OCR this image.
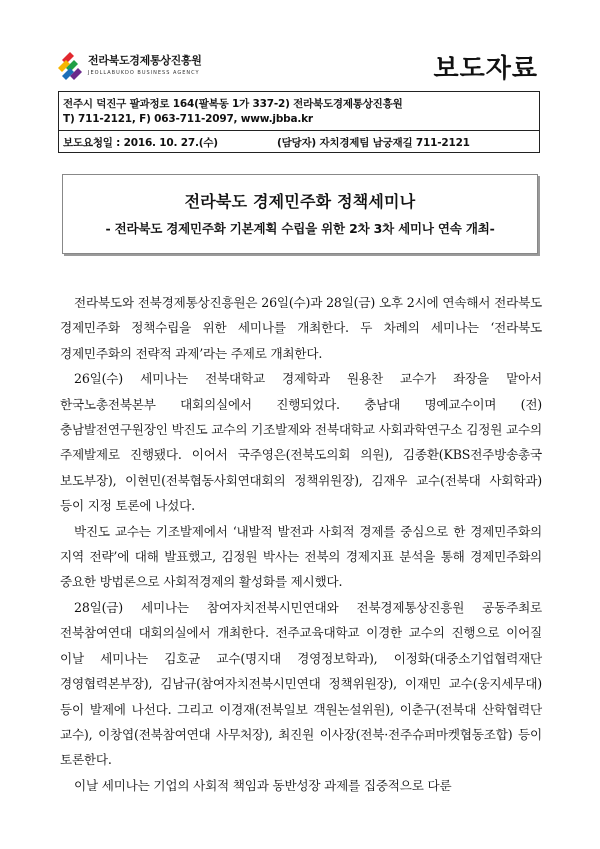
전라북도경제통상진흥원
JEOLLABUKDO BUSINESS AGENCY	보도자료
전주시 덕진구 팔과정로 164(팔복동 1가 337-2) 전라북도경제통상진흥원
T) 711-2121, F) 063-711-2097, www.jbba.kr
보도요청일 : 2016. 10. 27.(수)	(담당자) 자치경제팀 남궁재길 711-2121
전라북도 경제민주화 정책세미나
- 전라북도 경제민주화 기본계획 수립을 위한 2차 3차 세미나 연속 개최-

전라북도와 전북경제통상진흥원은 26일(수)과 28일(금) 오후 2시에 연속해서 전라북도 경제민주화 정책수립을 위한 세미나를 개최한다. 두 차례의 세미나는 ‘전라북도 경제민주화의 전략적 과제’라는 주제로 개최한다.

26일(수) 세미나는 전북대학교 경제학과 원용찬 교수가 좌장을 맡아서 한국노총전북본부 대회의실에서 진행되었다. 충남대 명예교수이며 (전)충남발전연구원장인 박진도 교수의 기조발제와 전북대학교 사회과학연구소 김정원 교수의 주제발제로 진행됐다. 이어서 국주영은(전북도의회 의원), 김종환(KBS전주방송총국 보도부장), 이현민(전북협동사회연대회의 정책위원장), 김재우 교수(전북대 사회학과) 등이 지정 토론에 나섰다.

박진도 교수는 기조발제에서 ‘내발적 발전과 사회적 경제를 중심으로 한 경제민주화의 지역 전략’에 대해 발표했고, 김정원 박사는 전북의 경제지표 분석을 통해 경제민주화의 중요한 방법론으로 사회적경제의 활성화를 제시했다.

28일(금) 세미나는 참여자치전북시민연대와 전북경제통상진흥원 공동주최로 전북참여연대 대회의실에서 개최한다. 전주교육대학교 이경한 교수의 진행으로 이어질 이날 세미나는 김호균 교수(명지대 경영정보학과), 이정화(대중소기업협력재단 경영협력본부장), 김남규(참여자치전북시민연대 정책위원장), 이재민 교수(웅지세무대) 등이 발제에 나선다. 그리고 이경재(전북일보 객원논설위원), 이춘구(전북대 산학협력단 교수), 이창엽(전북참여연대 사무처장), 최진원 이사장(전북·전주슈퍼마켓협동조합) 등이 토론한다.

이날 세미나는 기업의 사회적 책임과 동반성장 과제를 집중적으로 다룬
